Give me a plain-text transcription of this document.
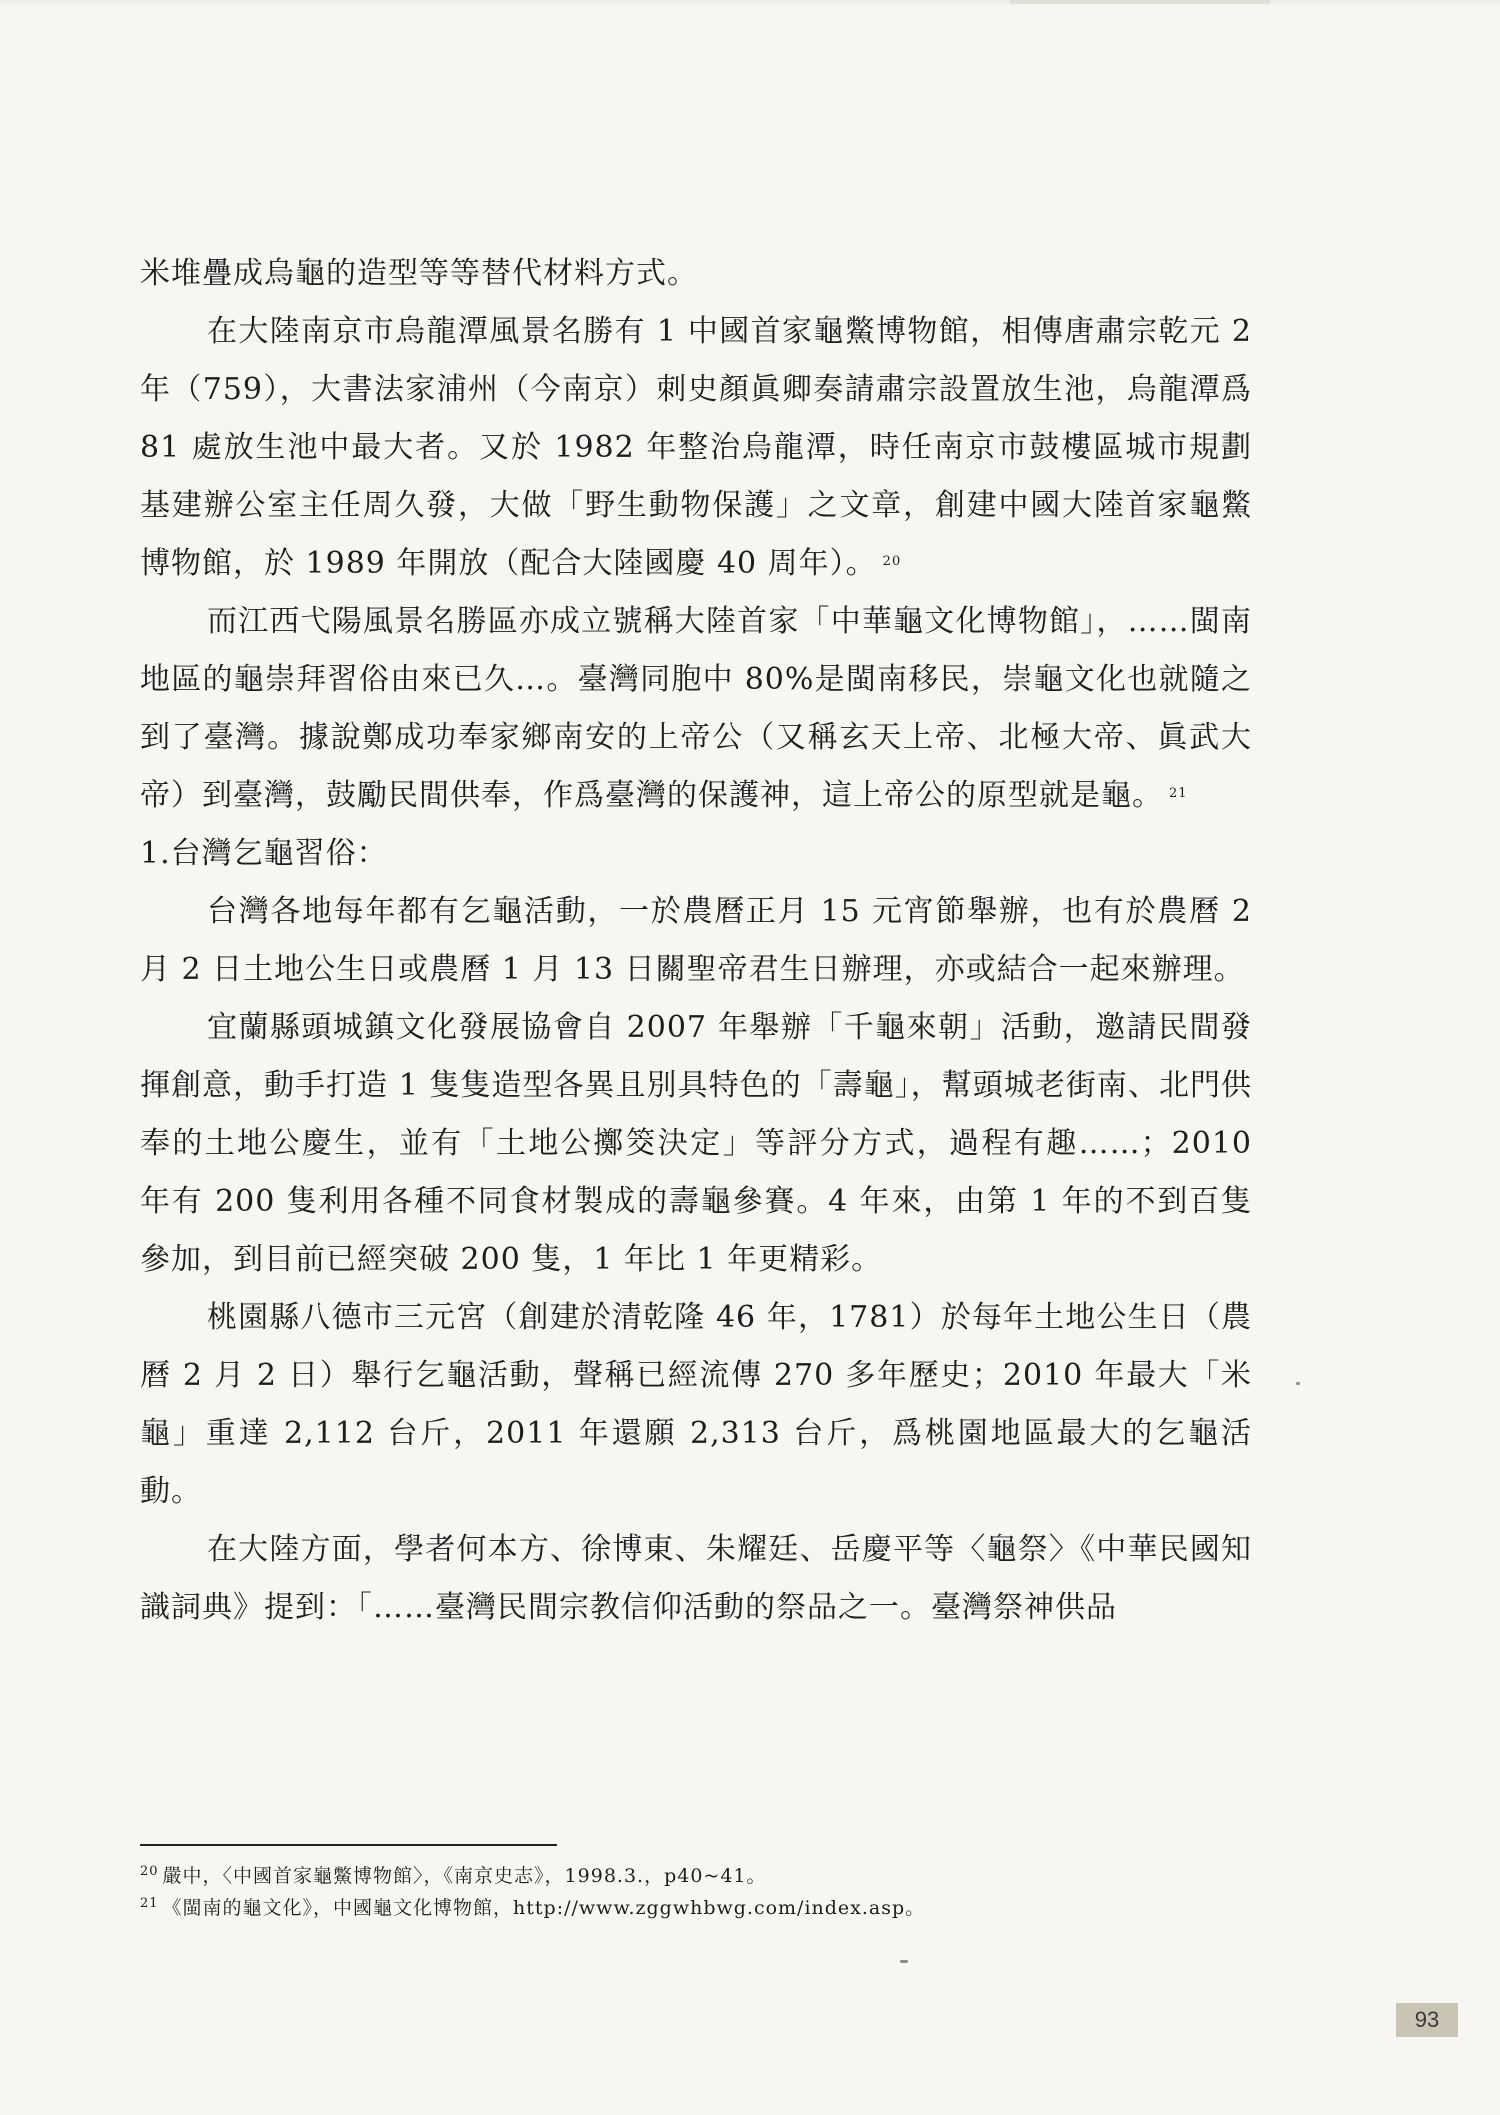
米堆疊成烏龜的造型等等替代材料方式。

在大陸南京市烏龍潭風景名勝有 1 中國首家龜鱉博物館，相傳唐肅宗乾元 2 年（759），大書法家浦州（今南京）刺史顏眞卿奏請肅宗設置放生池，烏龍潭爲 81 處放生池中最大者。又於 1982 年整治烏龍潭，時任南京市鼓樓區城市規劃基建辦公室主任周久發，大做「野生動物保護」之文章，創建中國大陸首家龜鱉博物館，於 1989 年開放（配合大陸國慶 40 周年）。 $^{20}$

而江西弋陽風景名勝區亦成立號稱大陸首家「中華龜文化博物館」，……閩南地區的龜崇拜習俗由來已久…。臺灣同胞中 80%是閩南移民，崇龜文化也就隨之到了臺灣。據說鄭成功奉家鄉南安的上帝公（又稱玄天上帝、北極大帝、眞武大帝）到臺灣，鼓勵民間供奉，作爲臺灣的保護神，這上帝公的原型就是龜。 $^{21}$

1.台灣乞龜習俗：

台灣各地每年都有乞龜活動，一於農曆正月 15 元宵節舉辦，也有於農曆 2 月 2 日土地公生日或農曆 1 月 13 日關聖帝君生日辦理，亦或結合一起來辦理。

宜蘭縣頭城鎮文化發展協會自 2007 年舉辦「千龜來朝」活動，邀請民間發揮創意，動手打造 1 隻隻造型各異且別具特色的「壽龜」，幫頭城老街南、北門供奉的土地公慶生，並有「土地公擲筊決定」等評分方式，過程有趣……；2010 年有 200 隻利用各種不同食材製成的壽龜參賽。4 年來，由第 1 年的不到百隻參加，到目前已經突破 200 隻，1 年比 1 年更精彩。

桃園縣八德市三元宮（創建於清乾隆 46 年，1781）於每年土地公生日（農曆 2 月 2 日）舉行乞龜活動，聲稱已經流傳 270 多年歷史；2010 年最大「米龜」重達 2,112 台斤，2011 年還願 2,313 台斤，爲桃園地區最大的乞龜活動。

在大陸方面，學者何本方、徐博東、朱耀廷、岳慶平等〈龜祭〉《中華民國知識詞典》提到：「……臺灣民間宗教信仰活動的祭品之一。臺灣祭神供品

$^{20}$ 嚴中，〈中國首家龜鱉博物館〉，《南京史志》，1998.3.，p40~41。

$^{21}$ 《閩南的龜文化》，中國龜文化博物館，http://www.zggwhbwg.com/index.asp。

93
